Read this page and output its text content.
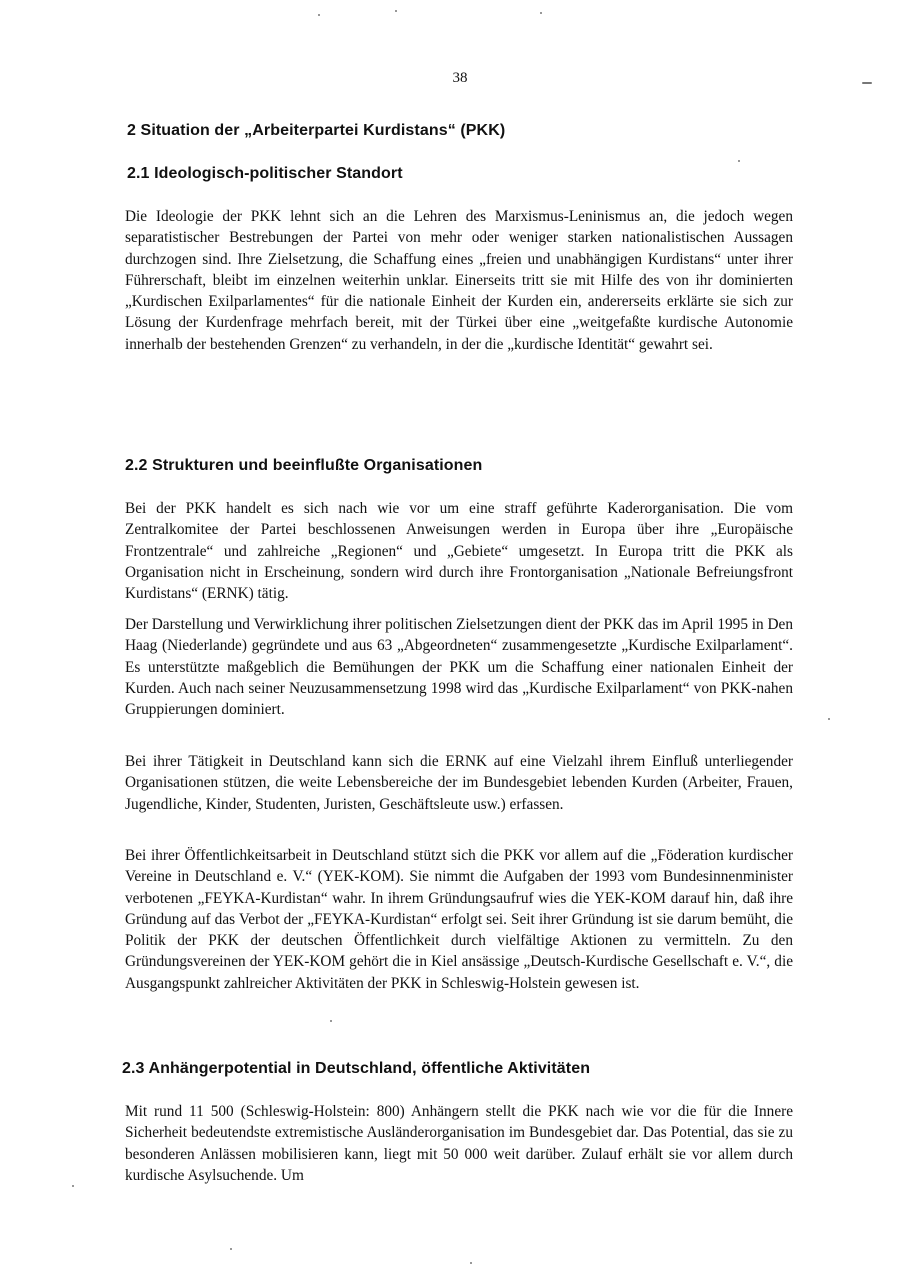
38
2 Situation der „Arbeiterpartei Kurdistans“ (PKK)
2.1 Ideologisch-politischer Standort

Die Ideologie der PKK lehnt sich an die Lehren des Marxismus-Leninismus an, die jedoch wegen separatistischer Bestrebungen der Partei von mehr oder weniger starken nationalistischen Aussagen durchzogen sind. Ihre Zielsetzung, die Schaffung eines „freien und unabhängigen Kurdistans“ unter ihrer Führerschaft, bleibt im einzelnen weiterhin unklar. Einerseits tritt sie mit Hilfe des von ihr dominierten „Kurdischen Exilparlamentes“ für die nationale Einheit der Kurden ein, andererseits erklärte sie sich zur Lösung der Kurdenfrage mehrfach bereit, mit der Türkei über eine „weitgefaßte kurdische Autonomie innerhalb der bestehenden Grenzen“ zu verhandeln, in der die „kurdische Identität“ gewahrt sei.

2.2 Strukturen und beeinflußte Organisationen

Bei der PKK handelt es sich nach wie vor um eine straff geführte Kaderorganisation. Die vom Zentralkomitee der Partei beschlossenen Anweisungen werden in Europa über ihre „Europäische Frontzentrale“ und zahlreiche „Regionen“ und „Gebiete“ umgesetzt. In Europa tritt die PKK als Organisation nicht in Erscheinung, sondern wird durch ihre Frontorganisation „Nationale Befreiungsfront Kurdistans“ (ERNK) tätig.

Der Darstellung und Verwirklichung ihrer politischen Zielsetzungen dient der PKK das im April 1995 in Den Haag (Niederlande) gegründete und aus 63 „Abgeordneten“ zusammengesetzte „Kurdische Exilparlament“. Es unterstützte maßgeblich die Bemühungen der PKK um die Schaffung einer nationalen Einheit der Kurden. Auch nach seiner Neuzusammensetzung 1998 wird das „Kurdische Exilparlament“ von PKK-nahen Gruppierungen dominiert.

Bei ihrer Tätigkeit in Deutschland kann sich die ERNK auf eine Vielzahl ihrem Einfluß unterliegender Organisationen stützen, die weite Lebensbereiche der im Bundesgebiet lebenden Kurden (Arbeiter, Frauen, Jugendliche, Kinder, Studenten, Juristen, Geschäftsleute usw.) erfassen.

Bei ihrer Öffentlichkeitsarbeit in Deutschland stützt sich die PKK vor allem auf die „Föderation kurdischer Vereine in Deutschland e. V.“ (YEK-KOM). Sie nimmt die Aufgaben der 1993 vom Bundesinnenminister verbotenen „FEYKA-Kurdistan“ wahr. In ihrem Gründungsaufruf wies die YEK-KOM darauf hin, daß ihre Gründung auf das Verbot der „FEYKA-Kurdistan“ erfolgt sei. Seit ihrer Gründung ist sie darum bemüht, die Politik der PKK der deutschen Öffentlichkeit durch vielfältige Aktionen zu vermitteln. Zu den Gründungsvereinen der YEK-KOM gehört die in Kiel ansässige „Deutsch-Kurdische Gesellschaft e. V.“, die Ausgangspunkt zahlreicher Aktivitäten der PKK in Schleswig-Holstein gewesen ist.

2.3 Anhängerpotential in Deutschland, öffentliche Aktivitäten

Mit rund 11 500 (Schleswig-Holstein: 800) Anhängern stellt die PKK nach wie vor die für die Innere Sicherheit bedeutendste extremistische Ausländerorganisation im Bundesgebiet dar. Das Potential, das sie zu besonderen Anlässen mobilisieren kann, liegt mit 50 000 weit darüber. Zulauf erhält sie vor allem durch kurdische Asylsuchende. Um
